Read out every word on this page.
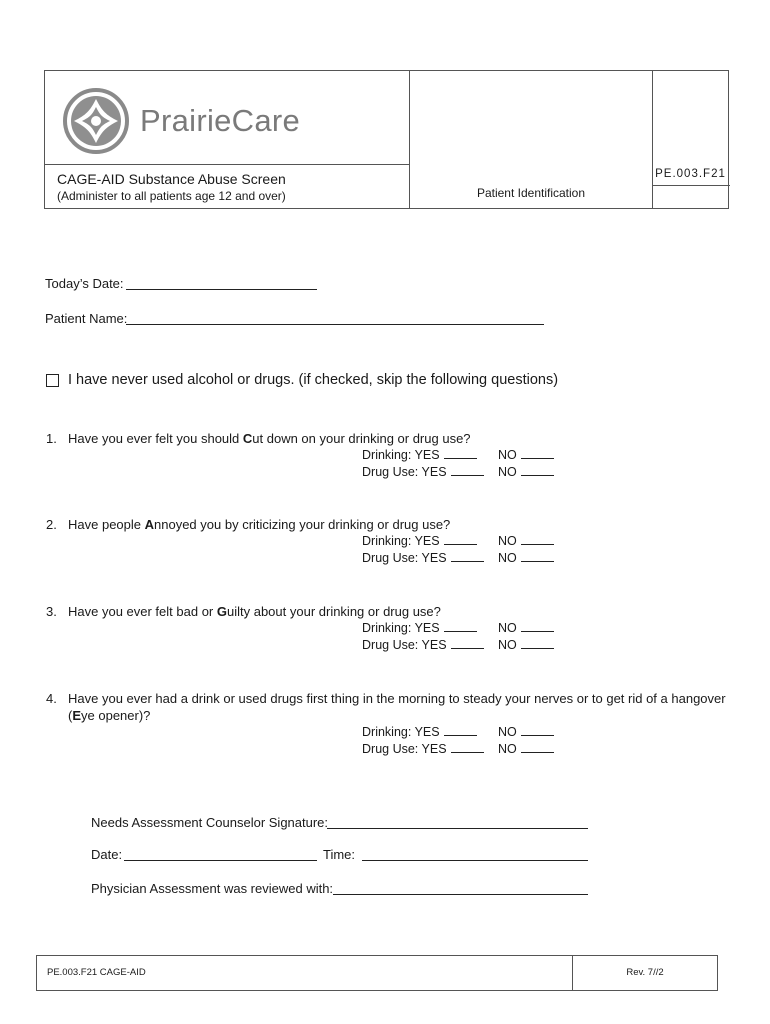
PrairieCare
CAGE-AID Substance Abuse Screen
(Administer to all patients age 12 and over)	Patient Identification
PE.003.F21
Today’s Date:
Patient Name:
I have never used alcohol or drugs. (if checked, skip the following questions)
1. Have you ever felt you should Cut down on your drinking or drug use?
Drinking: YES	NO
Drug Use: YES	NO
2. Have people Annoyed you by criticizing your drinking or drug use?
Drinking: YES	NO
Drug Use: YES	NO
3. Have you ever felt bad or Guilty about your drinking or drug use?
Drinking: YES	NO
Drug Use: YES	NO
4. Have you ever had a drink or used drugs first thing in the morning to steady your nerves or to get rid of a hangover
(Eye opener)?
Drinking: YES	NO
Drug Use: YES	NO
Needs Assessment Counselor Signature:
Date:	Time:
Physician Assessment was reviewed with:
PE.003.F21 CAGE-AID	Rev. 7//2
